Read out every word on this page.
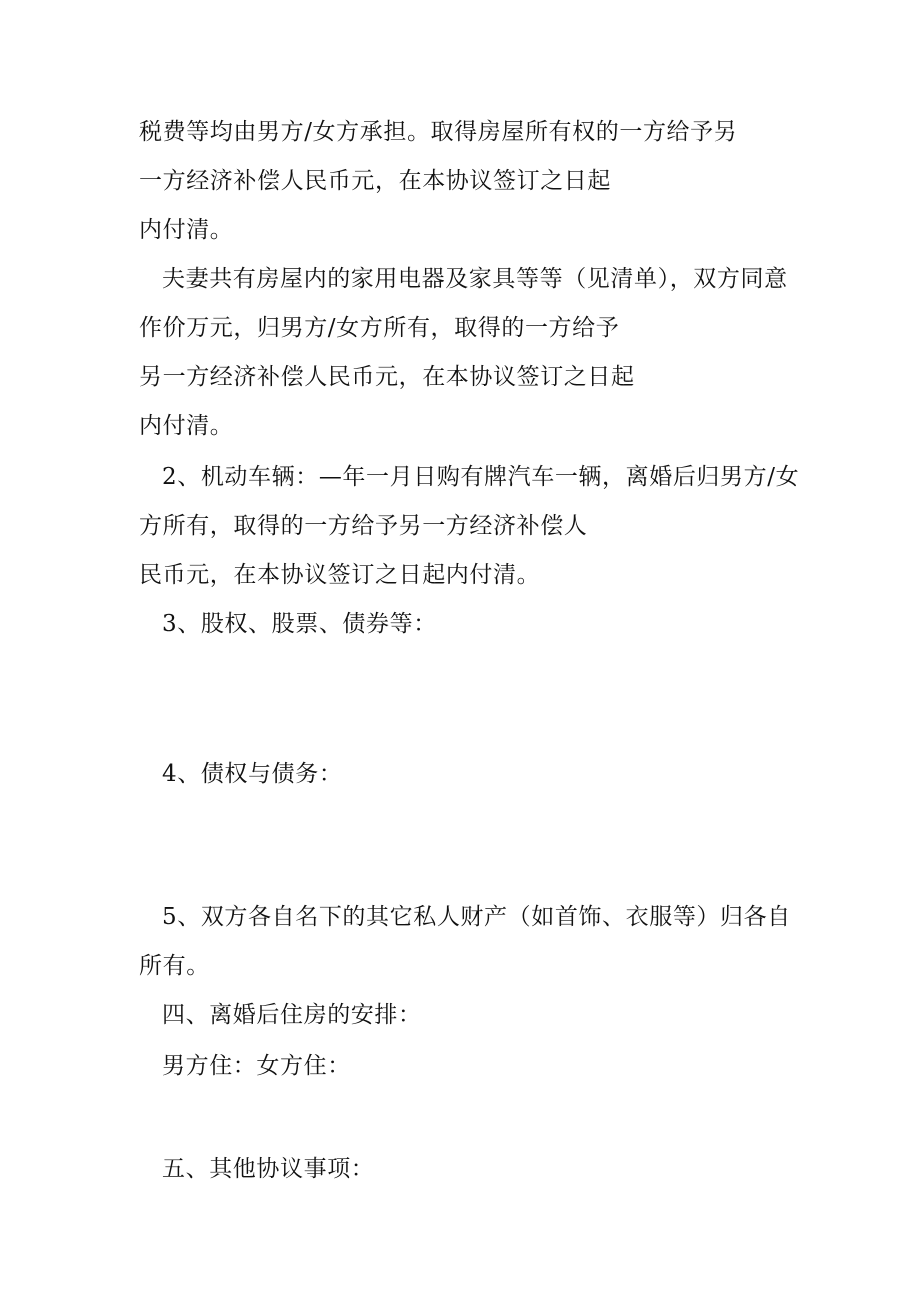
税费等均由男方/女方承担。取得房屋所有权的一方给予另
一方经济补偿人民币元，在本协议签订之日起
内付清。
夫妻共有房屋内的家用电器及家具等等（见清单），双方同意
作价万元，归男方/女方所有，取得的一方给予
另一方经济补偿人民币元，在本协议签订之日起
内付清。
2、机动车辆：—年一月日购有牌汽车一辆，离婚后归男方/女
方所有，取得的一方给予另一方经济补偿人
民币元，在本协议签订之日起内付清。
3、股权、股票、债券等：
4、债权与债务：
5、双方各自名下的其它私人财产（如首饰、衣服等）归各自
所有。
四、离婚后住房的安排：
男方住：女方住：
五、其他协议事项：
